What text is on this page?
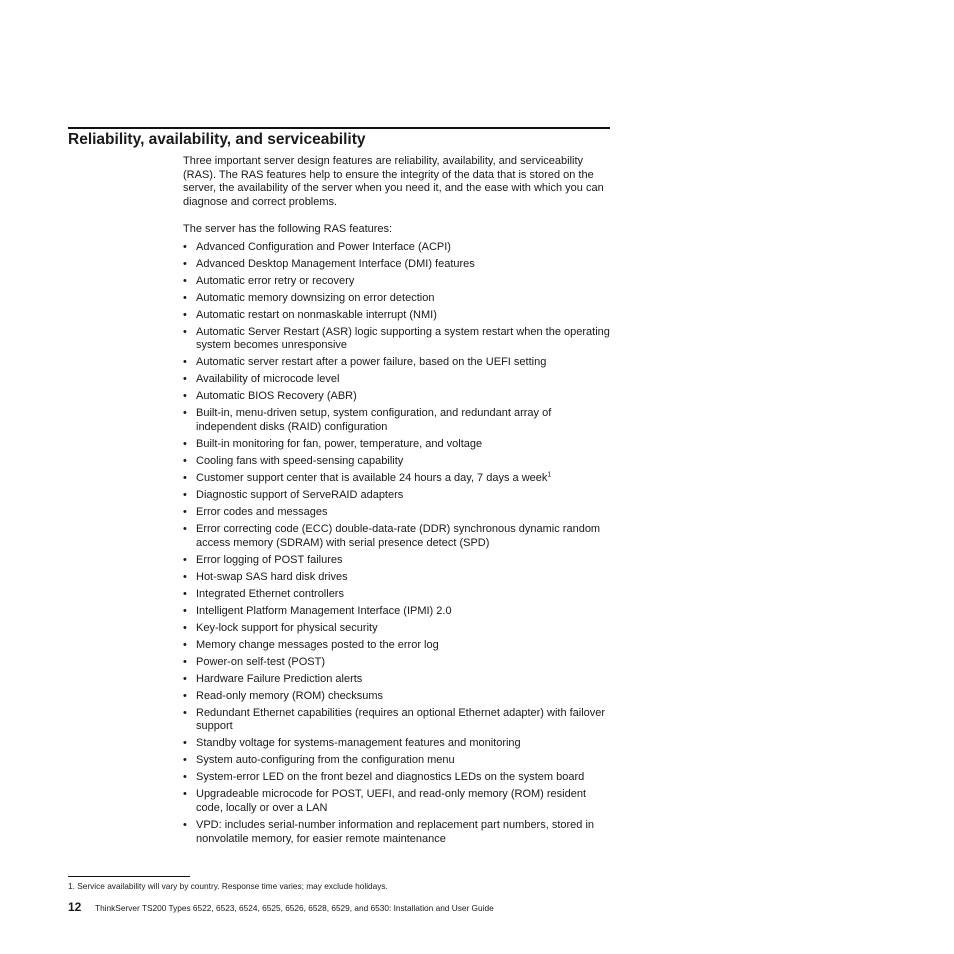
Reliability, availability, and serviceability

Three important server design features are reliability, availability, and serviceability (RAS). The RAS features help to ensure the integrity of the data that is stored on the server, the availability of the server when you need it, and the ease with which you can diagnose and correct problems.

The server has the following RAS features:

• Advanced Configuration and Power Interface (ACPI)
• Advanced Desktop Management Interface (DMI) features
• Automatic error retry or recovery
• Automatic memory downsizing on error detection
• Automatic restart on nonmaskable interrupt (NMI)
• Automatic Server Restart (ASR) logic supporting a system restart when the operating system becomes unresponsive
• Automatic server restart after a power failure, based on the UEFI setting
• Availability of microcode level
• Automatic BIOS Recovery (ABR)
• Built-in, menu-driven setup, system configuration, and redundant array of independent disks (RAID) configuration
• Built-in monitoring for fan, power, temperature, and voltage
• Cooling fans with speed-sensing capability
• Customer support center that is available 24 hours a day, 7 days a week$^1$
• Diagnostic support of ServeRAID adapters
• Error codes and messages
• Error correcting code (ECC) double-data-rate (DDR) synchronous dynamic random access memory (SDRAM) with serial presence detect (SPD)
• Error logging of POST failures
• Hot-swap SAS hard disk drives
• Integrated Ethernet controllers
• Intelligent Platform Management Interface (IPMI) 2.0
• Key-lock support for physical security
• Memory change messages posted to the error log
• Power-on self-test (POST)
• Hardware Failure Prediction alerts
• Read-only memory (ROM) checksums
• Redundant Ethernet capabilities (requires an optional Ethernet adapter) with failover support
• Standby voltage for systems-management features and monitoring
• System auto-configuring from the configuration menu
• System-error LED on the front bezel and diagnostics LEDs on the system board
• Upgradeable microcode for POST, UEFI, and read-only memory (ROM) resident code, locally or over a LAN
• VPD: includes serial-number information and replacement part numbers, stored in nonvolatile memory, for easier remote maintenance
1. Service availability will vary by country. Response time varies; may exclude holidays.
12 ThinkServer TS200 Types 6522, 6523, 6524, 6525, 6526, 6528, 6529, and 6530: Installation and User Guide
